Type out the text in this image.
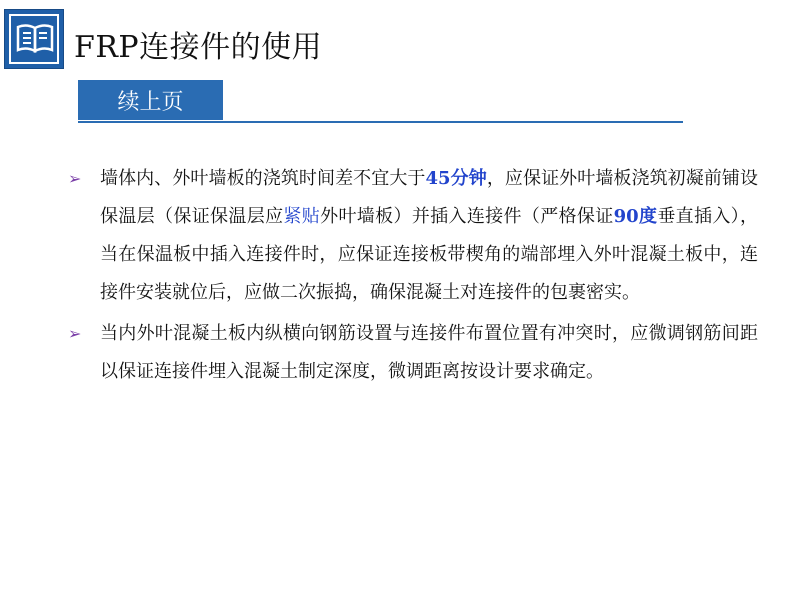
FRP连接件的使用
续上页
➢	墙体内、外叶墙板的浇筑时间差不宜大于45分钟，应保证外叶墙板浇筑初凝前铺设保温层（保证保温层应紧贴外叶墙板）并插入连接件（严格保证90度垂直插入），当在保温板中插入连接件时，应保证连接板带楔角的端部埋入外叶混凝土板中，连接件安装就位后，应做二次振捣，确保混凝土对连接件的包裹密实。
➢	当内外叶混凝土板内纵横向钢筋设置与连接件布置位置有冲突时，应微调钢筋间距以保证连接件埋入混凝土制定深度，微调距离按设计要求确定。
